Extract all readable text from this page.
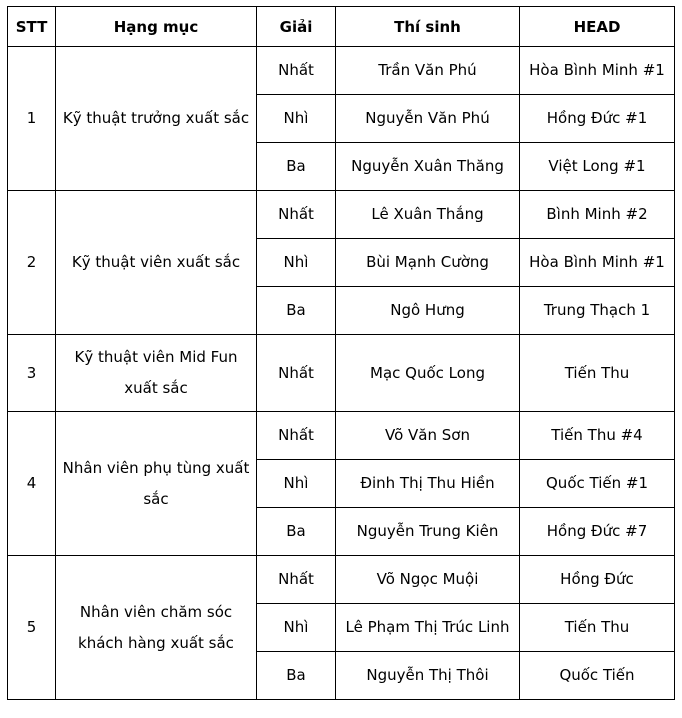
STT	Hạng mục	Giải	Thí sinh	HEAD
1	Kỹ thuật trưởng xuất sắc	Nhất	Trần Văn Phú	Hòa Bình Minh #1
		Nhì	Nguyễn Văn Phú	Hồng Đức #1
		Ba	Nguyễn Xuân Thăng	Việt Long #1
2	Kỹ thuật viên xuất sắc	Nhất	Lê Xuân Thắng	Bình Minh #2
		Nhì	Bùi Mạnh Cường	Hòa Bình Minh #1
		Ba	Ngô Hưng	Trung Thạch 1
3	Kỹ thuật viên Mid Fun xuất sắc	Nhất	Mạc Quốc Long	Tiến Thu
4	Nhân viên phụ tùng xuất sắc	Nhất	Võ Văn Sơn	Tiến Thu #4
		Nhì	Đinh Thị Thu Hiền	Quốc Tiến #1
		Ba	Nguyễn Trung Kiên	Hồng Đức #7
5	Nhân viên chăm sóc khách hàng xuất sắc	Nhất	Võ Ngọc Muội	Hồng Đức
		Nhì	Lê Phạm Thị Trúc Linh	Tiến Thu
		Ba	Nguyễn Thị Thôi	Quốc Tiến
